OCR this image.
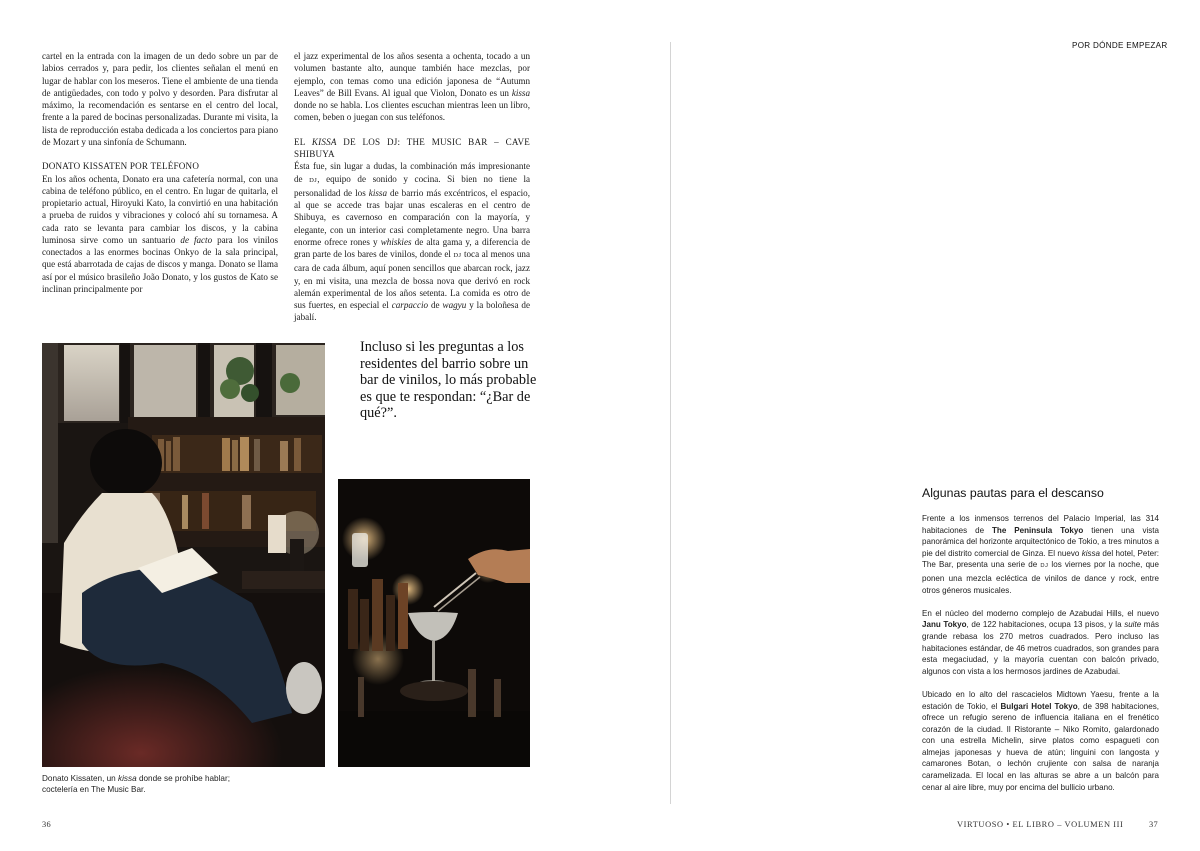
cartel en la entrada con la imagen de un dedo sobre un par de labios cerrados y, para pedir, los clientes señalan el menú en lugar de hablar con los meseros. Tiene el ambiente de una tienda de antigüedades, con todo y polvo y desorden. Para disfrutar al máximo, la recomendación es sentarse en el centro del local, frente a la pared de bocinas personalizadas. Durante mi visita, la lista de reproducción estaba dedicada a los conciertos para piano de Mozart y una sinfonía de Schumann.

DONATO KISSATEN POR TELÉFONO

En los años ochenta, Donato era una cafetería normal, con una cabina de teléfono público, en el centro. En lugar de quitarla, el propietario actual, Hiroyuki Kato, la convirtió en una habitación a prueba de ruidos y vibraciones y colocó ahí su tornamesa. A cada rato se levanta para cambiar los discos, y la cabina luminosa sirve como un santuario de facto para los vinilos conectados a las enormes bocinas Onkyo de la sala principal, que está abarrotada de cajas de discos y manga. Donato se llama así por el músico brasileño João Donato, y los gustos de Kato se inclinan principalmente por

el jazz experimental de los años sesenta a ochenta, tocado a un volumen bastante alto, aunque también hace mezclas, por ejemplo, con temas como una edición japonesa de “Autumn Leaves” de Bill Evans. Al igual que Violon, Donato es un kissa donde no se habla. Los clientes escuchan mientras leen un libro, comen, beben o juegan con sus teléfonos.

EL KISSA DE LOS DJ: THE MUSIC BAR – CAVE SHIBUYA

Ésta fue, sin lugar a dudas, la combinación más impresionante de DJ, equipo de sonido y cocina. Si bien no tiene la personalidad de los kissa de barrio más excéntricos, el espacio, al que se accede tras bajar unas escaleras en el centro de Shibuya, es cavernoso en comparación con la mayoría, y elegante, con un interior casi completamente negro. Una barra enorme ofrece rones y whiskies de alta gama y, a diferencia de gran parte de los bares de vinilos, donde el DJ toca al menos una cara de cada álbum, aquí ponen sencillos que abarcan rock, jazz y, en mi visita, una mezcla de bossa nova que derivó en rock alemán experimental de los años setenta. La comida es otro de sus fuertes, en especial el carpaccio de wagyu y la boloñesa de jabalí.

Incluso si les preguntas a los residentes del barrio sobre un bar de vinilos, lo más probable es que te respondan: “¿Bar de qué?”.
Donato Kissaten, un kissa donde se prohíbe hablar;
coctelería en The Music Bar.
36
POR DÓNDE EMPEZAR
Algunas pautas para el descanso

Frente a los inmensos terrenos del Palacio Imperial, las 314 habitaciones de The Peninsula Tokyo tienen una vista panorámica del horizonte arquitectónico de Tokio, a tres minutos a pie del distrito comercial de Ginza. El nuevo kissa del hotel, Peter: The Bar, presenta una serie de DJ los viernes por la noche, que ponen una mezcla ecléctica de vinilos de dance y rock, entre otros géneros musicales.

En el núcleo del moderno complejo de Azabudai Hills, el nuevo Janu Tokyo, de 122 habitaciones, ocupa 13 pisos, y la suite más grande rebasa los 270 metros cuadrados. Pero incluso las habitaciones estándar, de 46 metros cuadrados, son grandes para esta megaciudad, y la mayoría cuentan con balcón privado, algunos con vista a los hermosos jardines de Azabudai.

Ubicado en lo alto del rascacielos Midtown Yaesu, frente a la estación de Tokio, el Bulgari Hotel Tokyo, de 398 habitaciones, ofrece un refugio sereno de influencia italiana en el frenético corazón de la ciudad. Il Ristorante – Niko Romito, galardonado con una estrella Michelin, sirve platos como espagueti con almejas japonesas y hueva de atún; linguini con langosta y camarones Botan, o lechón crujiente con salsa de naranja caramelizada. El local en las alturas se abre a un balcón para cenar al aire libre, muy por encima del bullicio urbano.

VIRTUOSO • EL LIBRO – VOLUMEN III	37
